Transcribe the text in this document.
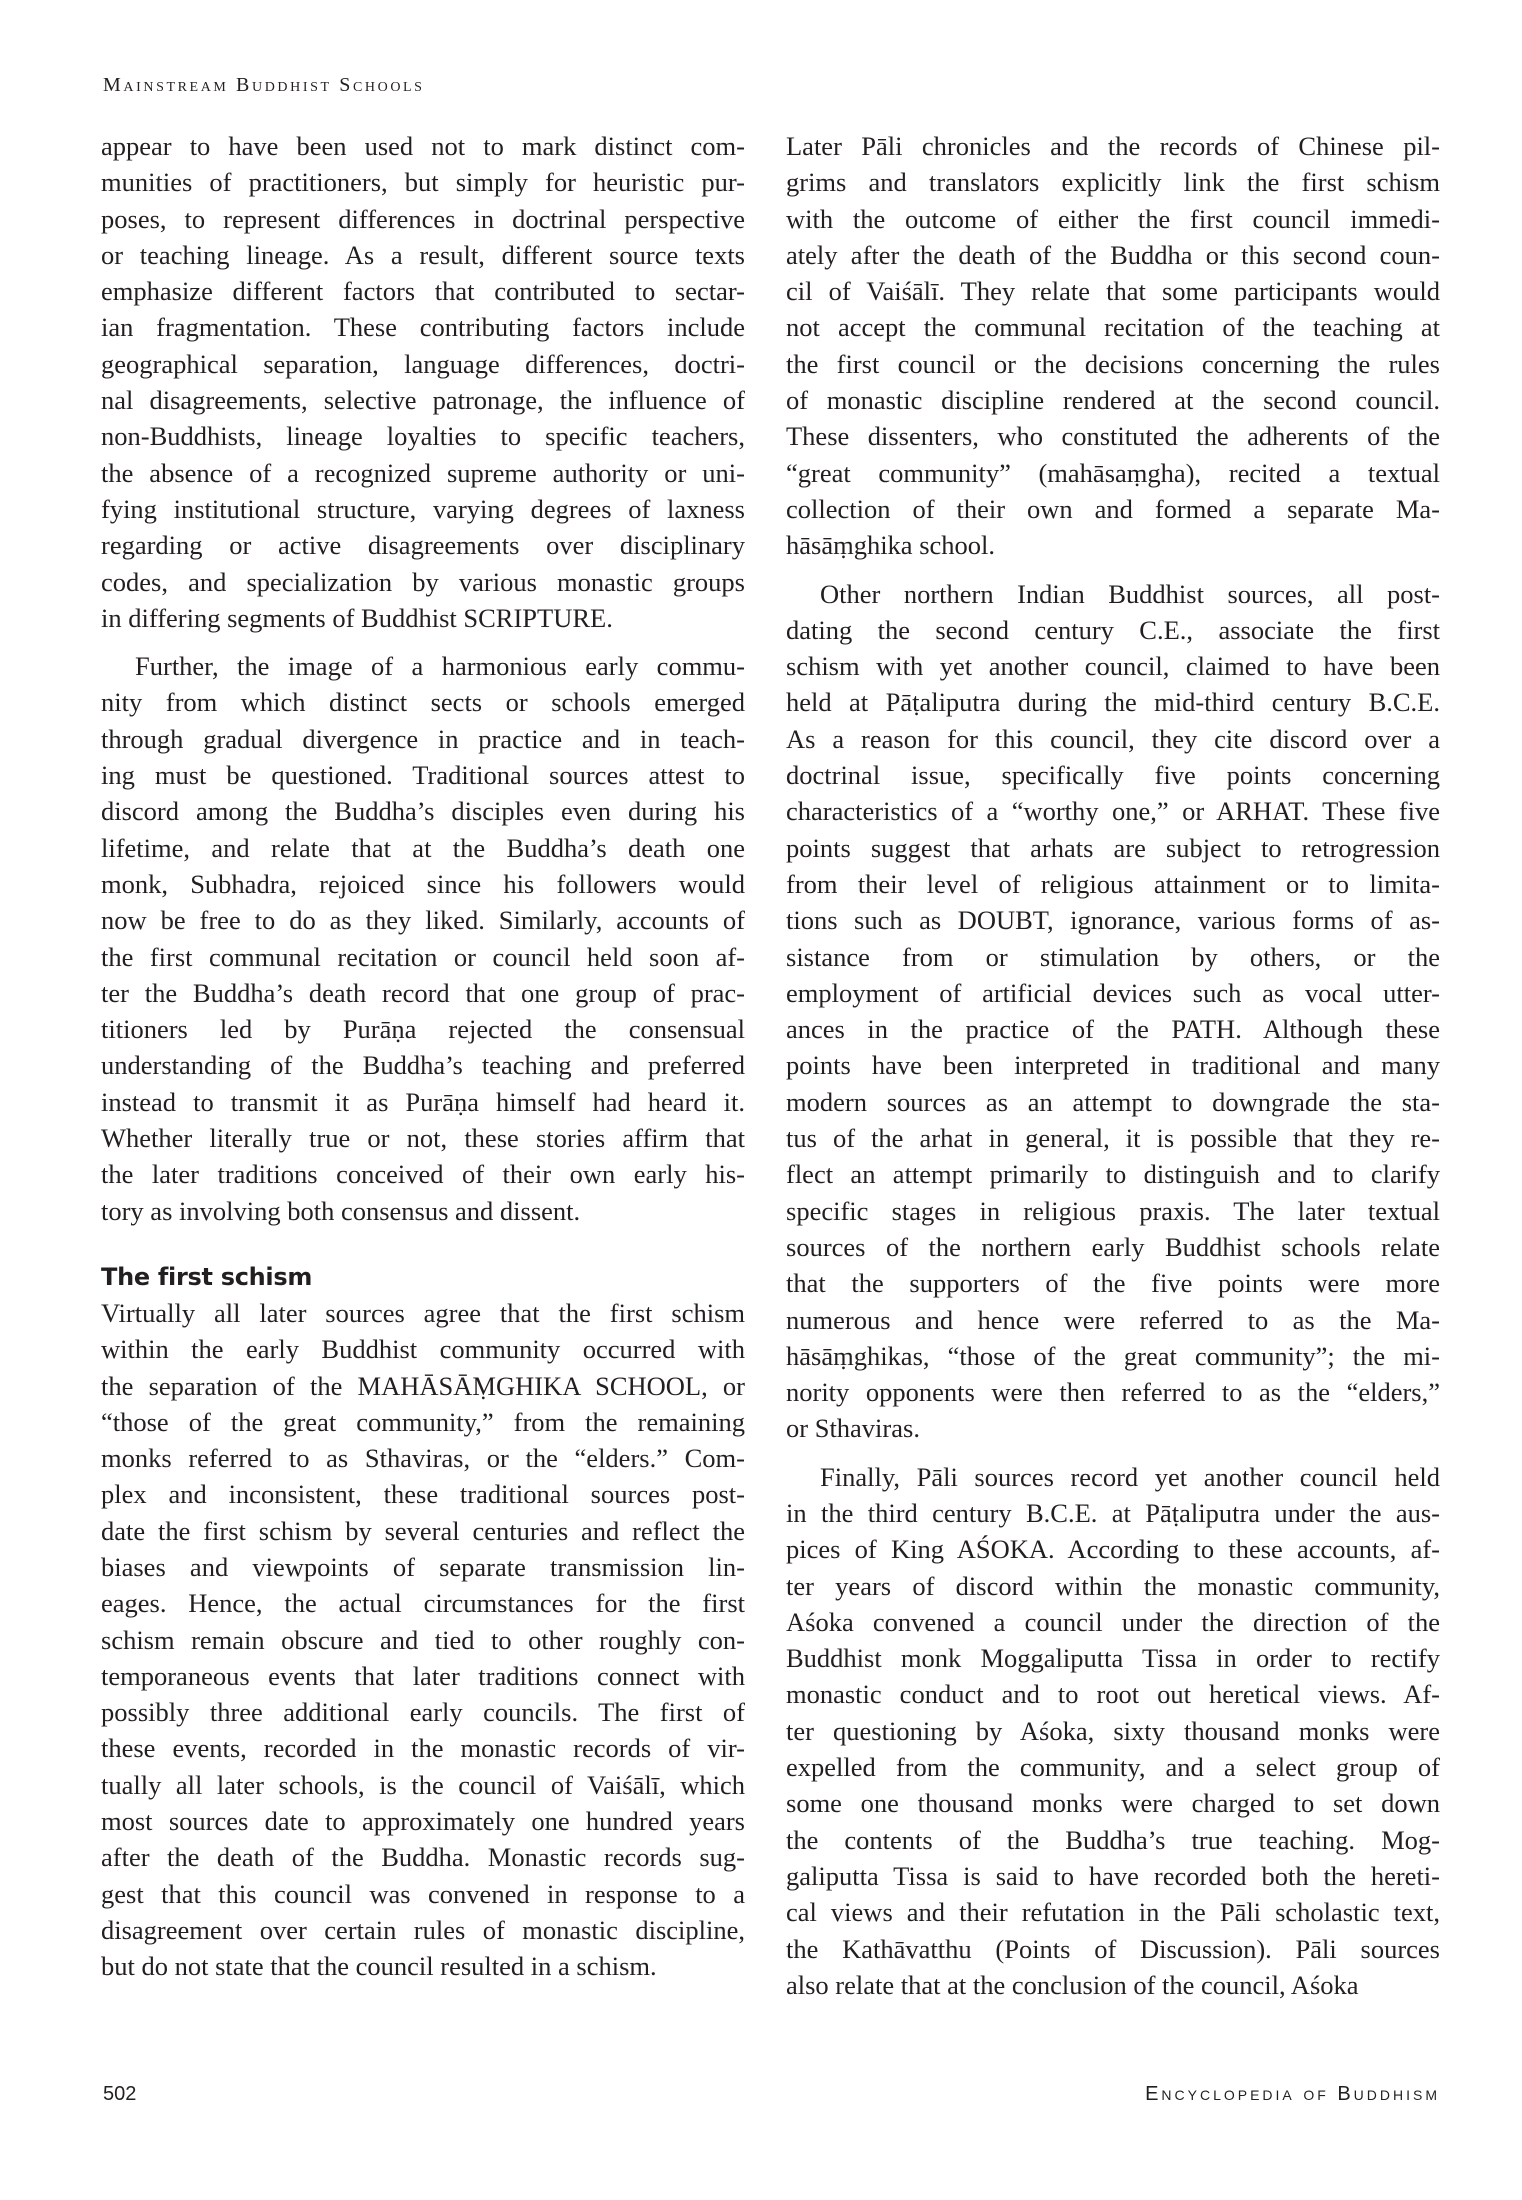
Mainstream Buddhist Schools
appear to have been used not to mark distinct com-
munities of practitioners, but simply for heuristic pur-
poses, to represent differences in doctrinal perspective
or teaching lineage. As a result, different source texts
emphasize different factors that contributed to sectar-
ian fragmentation. These contributing factors include
geographical separation, language differences, doctri-
nal disagreements, selective patronage, the influence of
non-Buddhists, lineage loyalties to specific teachers,
the absence of a recognized supreme authority or uni-
fying institutional structure, varying degrees of laxness
regarding or active disagreements over disciplinary
codes, and specialization by various monastic groups
in differing segments of Buddhist SCRIPTURE.
Further, the image of a harmonious early commu-
nity from which distinct sects or schools emerged
through gradual divergence in practice and in teach-
ing must be questioned. Traditional sources attest to
discord among the Buddha’s disciples even during his
lifetime, and relate that at the Buddha’s death one
monk, Subhadra, rejoiced since his followers would
now be free to do as they liked. Similarly, accounts of
the first communal recitation or council held soon af-
ter the Buddha’s death record that one group of prac-
titioners led by Purāṇa rejected the consensual
understanding of the Buddha’s teaching and preferred
instead to transmit it as Purāṇa himself had heard it.
Whether literally true or not, these stories affirm that
the later traditions conceived of their own early his-
tory as involving both consensus and dissent.
The first schism
Virtually all later sources agree that the first schism
within the early Buddhist community occurred with
the separation of the MAHĀSĀṂGHIKA SCHOOL, or
“those of the great community,” from the remaining
monks referred to as Sthaviras, or the “elders.” Com-
plex and inconsistent, these traditional sources post-
date the first schism by several centuries and reflect the
biases and viewpoints of separate transmission lin-
eages. Hence, the actual circumstances for the first
schism remain obscure and tied to other roughly con-
temporaneous events that later traditions connect with
possibly three additional early councils. The first of
these events, recorded in the monastic records of vir-
tually all later schools, is the council of Vaiśālī, which
most sources date to approximately one hundred years
after the death of the Buddha. Monastic records sug-
gest that this council was convened in response to a
disagreement over certain rules of monastic discipline,
but do not state that the council resulted in a schism.
Later Pāli chronicles and the records of Chinese pil-
grims and translators explicitly link the first schism
with the outcome of either the first council immedi-
ately after the death of the Buddha or this second coun-
cil of Vaiśālī. They relate that some participants would
not accept the communal recitation of the teaching at
the first council or the decisions concerning the rules
of monastic discipline rendered at the second council.
These dissenters, who constituted the adherents of the
“great community” (mahāsaṃgha), recited a textual
collection of their own and formed a separate Ma-
hāsāṃghika school.
Other northern Indian Buddhist sources, all post-
dating the second century C.E., associate the first
schism with yet another council, claimed to have been
held at Pāṭaliputra during the mid-third century B.C.E.
As a reason for this council, they cite discord over a
doctrinal issue, specifically five points concerning
characteristics of a “worthy one,” or ARHAT. These five
points suggest that arhats are subject to retrogression
from their level of religious attainment or to limita-
tions such as DOUBT, ignorance, various forms of as-
sistance from or stimulation by others, or the
employment of artificial devices such as vocal utter-
ances in the practice of the PATH. Although these
points have been interpreted in traditional and many
modern sources as an attempt to downgrade the sta-
tus of the arhat in general, it is possible that they re-
flect an attempt primarily to distinguish and to clarify
specific stages in religious praxis. The later textual
sources of the northern early Buddhist schools relate
that the supporters of the five points were more
numerous and hence were referred to as the Ma-
hāsāṃghikas, “those of the great community”; the mi-
nority opponents were then referred to as the “elders,”
or Sthaviras.
Finally, Pāli sources record yet another council held
in the third century B.C.E. at Pāṭaliputra under the aus-
pices of King AŚOKA. According to these accounts, af-
ter years of discord within the monastic community,
Aśoka convened a council under the direction of the
Buddhist monk Moggaliputta Tissa in order to rectify
monastic conduct and to root out heretical views. Af-
ter questioning by Aśoka, sixty thousand monks were
expelled from the community, and a select group of
some one thousand monks were charged to set down
the contents of the Buddha’s true teaching. Mog-
galiputta Tissa is said to have recorded both the hereti-
cal views and their refutation in the Pāli scholastic text,
the Kathāvatthu (Points of Discussion). Pāli sources
also relate that at the conclusion of the council, Aśoka
502	Encyclopedia of Buddhism
